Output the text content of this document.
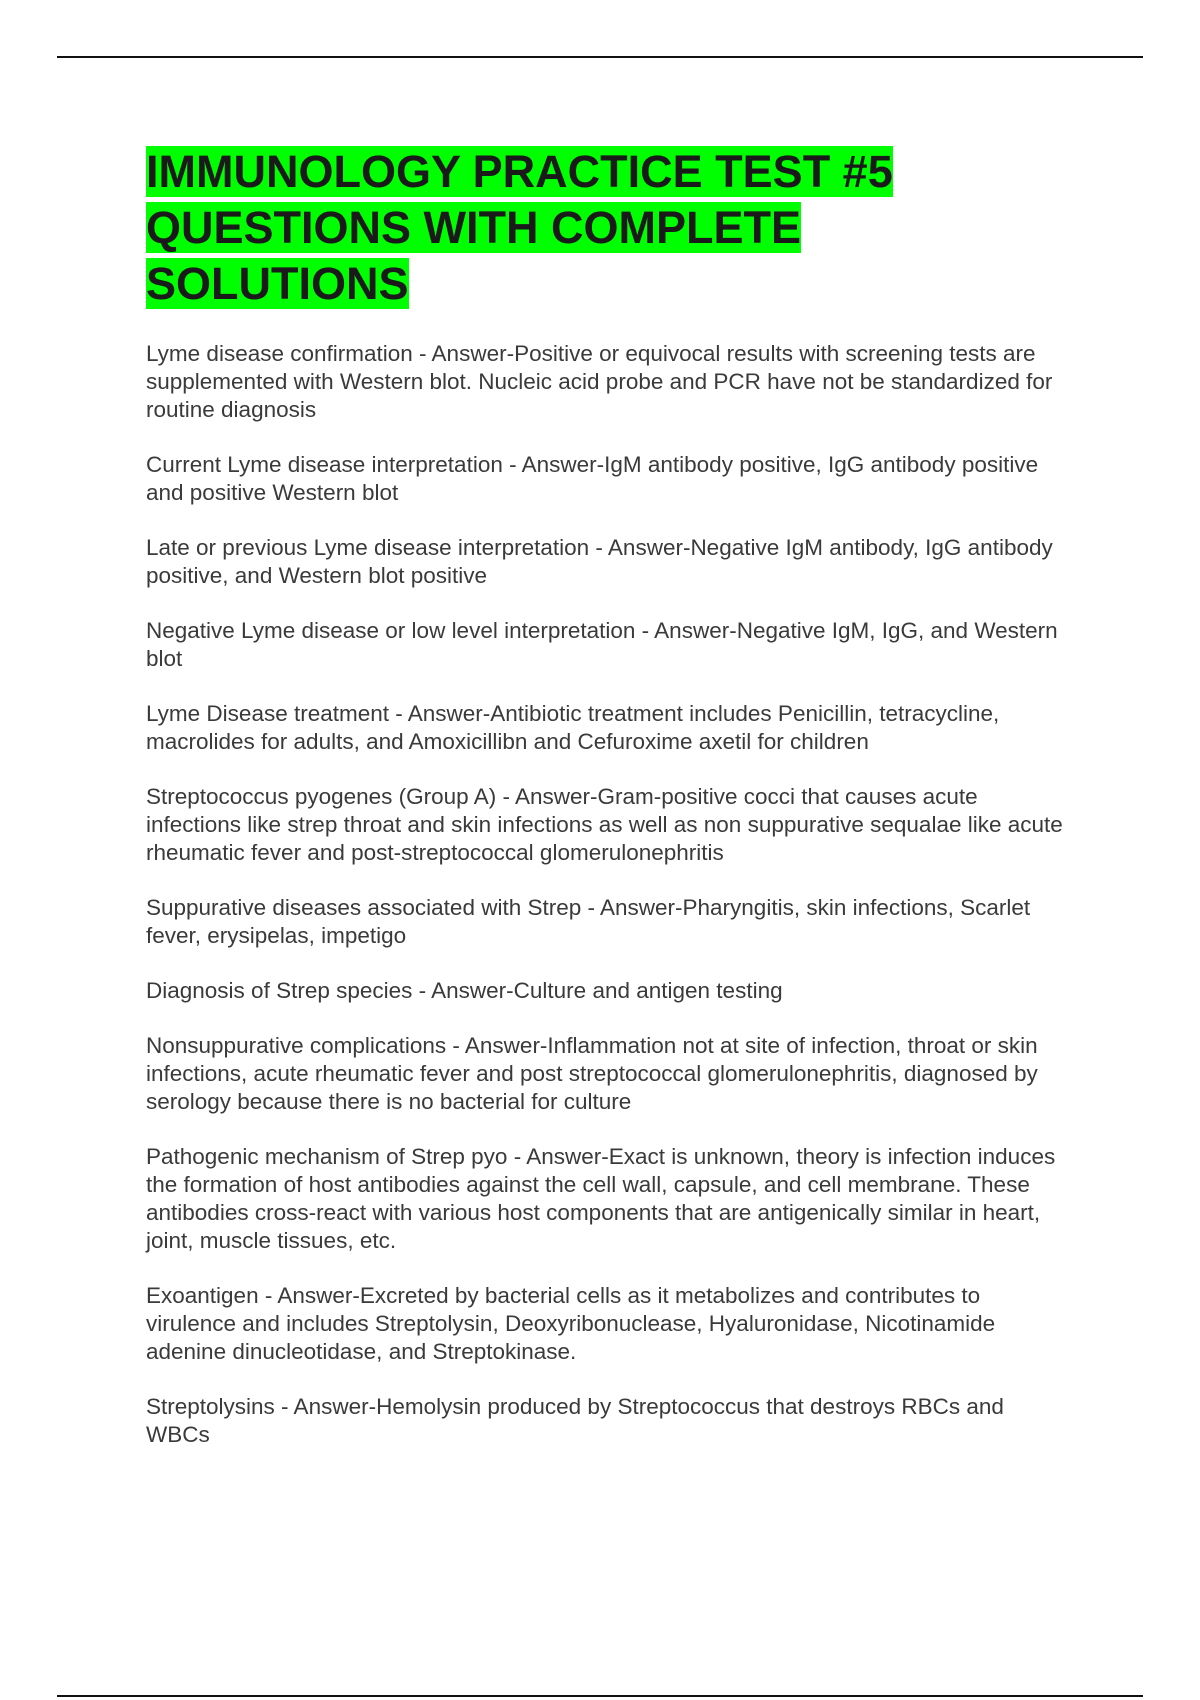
IMMUNOLOGY PRACTICE TEST #5 QUESTIONS WITH COMPLETE SOLUTIONS
Lyme disease confirmation - Answer-Positive or equivocal results with screening tests are supplemented with Western blot. Nucleic acid probe and PCR have not be standardized for routine diagnosis
Current Lyme disease interpretation - Answer-IgM antibody positive, IgG antibody positive and positive Western blot
Late or previous Lyme disease interpretation - Answer-Negative IgM antibody, IgG antibody positive, and Western blot positive
Negative Lyme disease or low level interpretation - Answer-Negative IgM, IgG, and Western blot
Lyme Disease treatment - Answer-Antibiotic treatment includes Penicillin, tetracycline, macrolides for adults, and Amoxicillibn and Cefuroxime axetil for children
Streptococcus pyogenes (Group A) - Answer-Gram-positive cocci that causes acute infections like strep throat and skin infections as well as non suppurative sequalae like acute rheumatic fever and post-streptococcal glomerulonephritis
Suppurative diseases associated with Strep - Answer-Pharyngitis, skin infections, Scarlet fever, erysipelas, impetigo
Diagnosis of Strep species - Answer-Culture and antigen testing
Nonsuppurative complications - Answer-Inflammation not at site of infection, throat or skin infections, acute rheumatic fever and post streptococcal glomerulonephritis, diagnosed by serology because there is no bacterial for culture
Pathogenic mechanism of Strep pyo - Answer-Exact is unknown, theory is infection induces the formation of host antibodies against the cell wall, capsule, and cell membrane. These antibodies cross-react with various host components that are antigenically similar in heart, joint, muscle tissues, etc.
Exoantigen - Answer-Excreted by bacterial cells as it metabolizes and contributes to virulence and includes Streptolysin, Deoxyribonuclease, Hyaluronidase, Nicotinamide adenine dinucleotidase, and Streptokinase.
Streptolysins - Answer-Hemolysin produced by Streptococcus that destroys RBCs and WBCs
